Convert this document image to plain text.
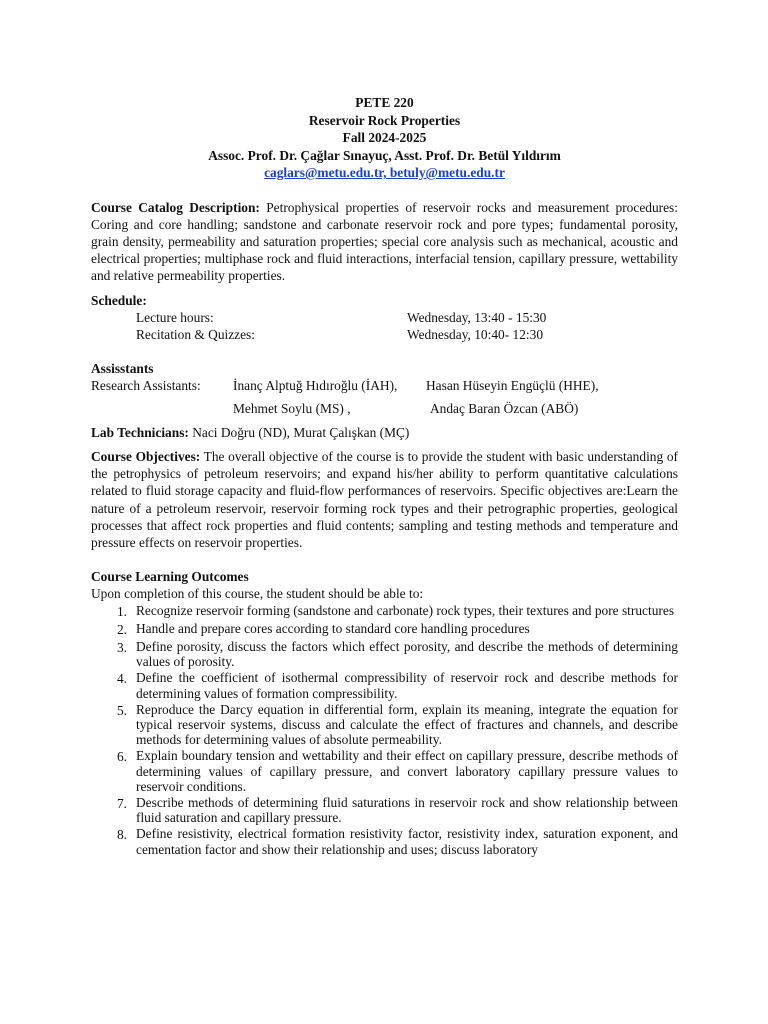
PETE 220
Reservoir Rock Properties
Fall 2024-2025
Assoc. Prof. Dr. Çağlar Sınayuç, Asst. Prof. Dr. Betül Yıldırım
caglars@metu.edu.tr, betuly@metu.edu.tr

Course Catalog Description: Petrophysical properties of reservoir rocks and measurement procedures: Coring and core handling; sandstone and carbonate reservoir rock and pore types; fundamental porosity, grain density, permeability and saturation properties; special core analysis such as mechanical, acoustic and electrical properties; multiphase rock and fluid interactions, interfacial tension, capillary pressure, wettability and relative permeability properties.

Schedule:
Lecture hours:	Wednesday, 13:40 - 15:30
Recitation & Quizzes:	Wednesday, 10:40- 12:30
Assisstants
Research Assistants:	İnanç Alptuğ Hıdıroğlu (İAH),	Hasan Hüseyin Engüçlü (HHE),
Mehmet Soylu (MS) ,	Andaç Baran Özcan (ABÖ)

Lab Technicians: Naci Doğru (ND), Murat Çalışkan (MÇ)

Course Objectives: The overall objective of the course is to provide the student with basic understanding of the petrophysics of petroleum reservoirs; and expand his/her ability to perform quantitative calculations related to fluid storage capacity and fluid-flow performances of reservoirs. Specific objectives are:Learn the nature of a petroleum reservoir, reservoir forming rock types and their petrographic properties, geological processes that affect rock properties and fluid contents; sampling and testing methods and temperature and pressure effects on reservoir properties.

Course Learning Outcomes
Upon completion of this course, the student should be able to:
1. Recognize reservoir forming (sandstone and carbonate) rock types, their textures and pore structures
2. Handle and prepare cores according to standard core handling procedures
3. Define porosity, discuss the factors which effect porosity, and describe the methods of determining values of porosity.
4. Define the coefficient of isothermal compressibility of reservoir rock and describe methods for determining values of formation compressibility.
5. Reproduce the Darcy equation in differential form, explain its meaning, integrate the equation for typical reservoir systems, discuss and calculate the effect of fractures and channels, and describe methods for determining values of absolute permeability.
6. Explain boundary tension and wettability and their effect on capillary pressure, describe methods of determining values of capillary pressure, and convert laboratory capillary pressure values to reservoir conditions.
7. Describe methods of determining fluid saturations in reservoir rock and show relationship between fluid saturation and capillary pressure.
8. Define resistivity, electrical formation resistivity factor, resistivity index, saturation exponent, and cementation factor and show their relationship and uses; discuss laboratory
